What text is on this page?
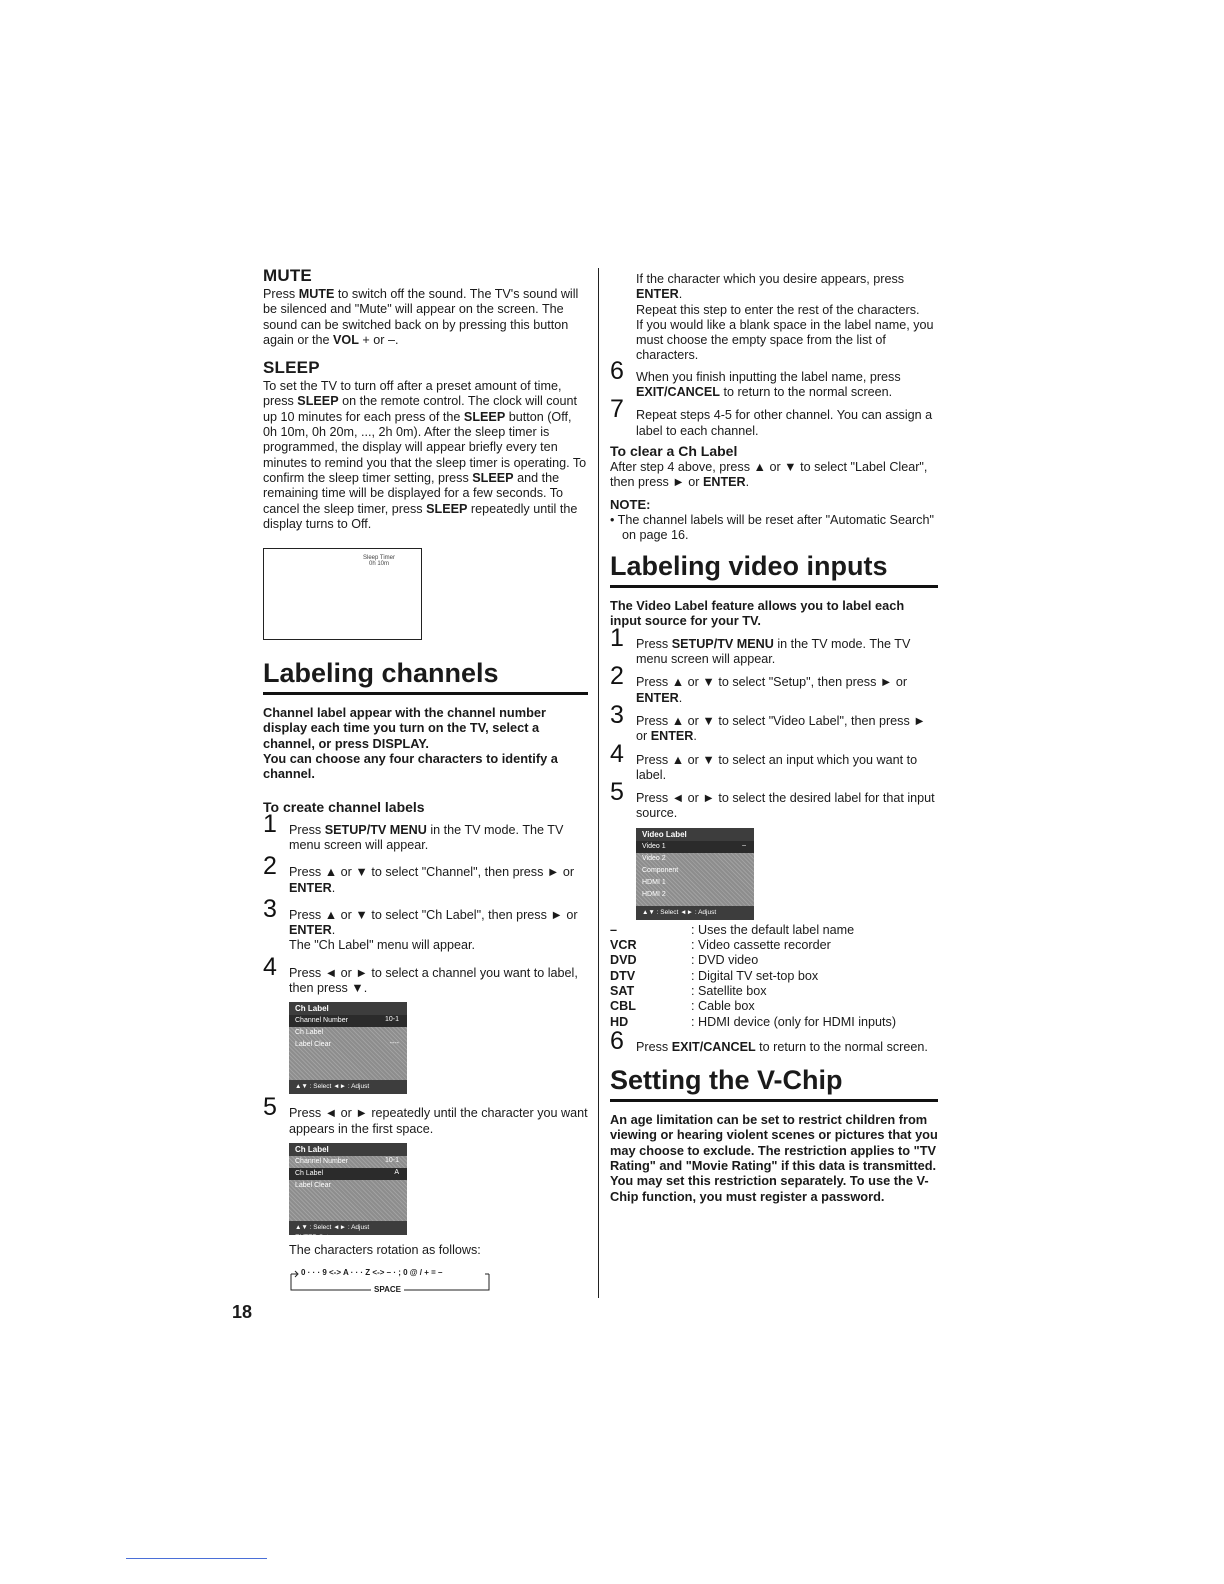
MUTE
Press MUTE to switch off the sound. The TV's sound will be silenced and "Mute" will appear on the screen. The sound can be switched back on by pressing this button again or the VOL + or –.
SLEEP
To set the TV to turn off after a preset amount of time, press SLEEP on the remote control. The clock will count up 10 minutes for each press of the SLEEP button (Off, 0h 10m, 0h 20m, ..., 2h 0m). After the sleep timer is programmed, the display will appear briefly every ten minutes to remind you that the sleep timer is operating. To confirm the sleep timer setting, press SLEEP and the remaining time will be displayed for a few seconds. To cancel the sleep timer, press SLEEP repeatedly until the display turns to Off.
Sleep Timer
0h 10m
Labeling channels
Channel label appear with the channel number display each time you turn on the TV, select a channel, or press DISPLAY.
You can choose any four characters to identify a channel.
To create channel labels
1 Press SETUP/TV MENU in the TV mode. The TV menu screen will appear.
2 Press ▲ or ▼ to select "Channel", then press ► or ENTER.
3 Press ▲ or ▼ to select "Ch Label", then press ► or ENTER.
The "Ch Label" menu will appear.
4 Press ◄ or ► to select a channel you want to label, then press ▼.
Ch Label
Channel Number	10-1
Ch Label
Label Clear	----
▲▼ : Select ◄► : Adjust
5 Press ◄ or ► repeatedly until the character you want appears in the first space.
Ch Label
Channel Number	10-1
Ch Label	A
Label Clear
▲▼ : Select ◄► : Adjust ENTER:Set
The characters rotation as follows:
0 · · · 9 <-> A · · · Z <-> – · ; 0 @ / + = –
SPACE
If the character which you desire appears, press ENTER.
Repeat this step to enter the rest of the characters.
If you would like a blank space in the label name, you must choose the empty space from the list of characters.
6 When you finish inputting the label name, press EXIT/CANCEL to return to the normal screen.
7 Repeat steps 4-5 for other channel. You can assign a label to each channel.
To clear a Ch Label
After step 4 above, press ▲ or ▼ to select "Label Clear", then press ► or ENTER.
NOTE:
• The channel labels will be reset after "Automatic Search" on page 16.
Labeling video inputs
The Video Label feature allows you to label each input source for your TV.
1 Press SETUP/TV MENU in the TV mode. The TV menu screen will appear.
2 Press ▲ or ▼ to select "Setup", then press ► or ENTER.
3 Press ▲ or ▼ to select "Video Label", then press ► or ENTER.
4 Press ▲ or ▼ to select an input which you want to label.
5 Press ◄ or ► to select the desired label for that input source.
Video Label
Video 1	–
Video 2
Component
HDMI 1
HDMI 2
▲▼ : Select ◄► : Adjust
–	: Uses the default label name
VCR	: Video cassette recorder
DVD	: DVD video
DTV	: Digital TV set-top box
SAT	: Satellite box
CBL	: Cable box
HD	: HDMI device (only for HDMI inputs)
6 Press EXIT/CANCEL to return to the normal screen.
Setting the V-Chip
An age limitation can be set to restrict children from viewing or hearing violent scenes or pictures that you may choose to exclude. The restriction applies to "TV Rating" and "Movie Rating" if this data is transmitted. You may set this restriction separately. To use the V-Chip function, you must register a password.
18
